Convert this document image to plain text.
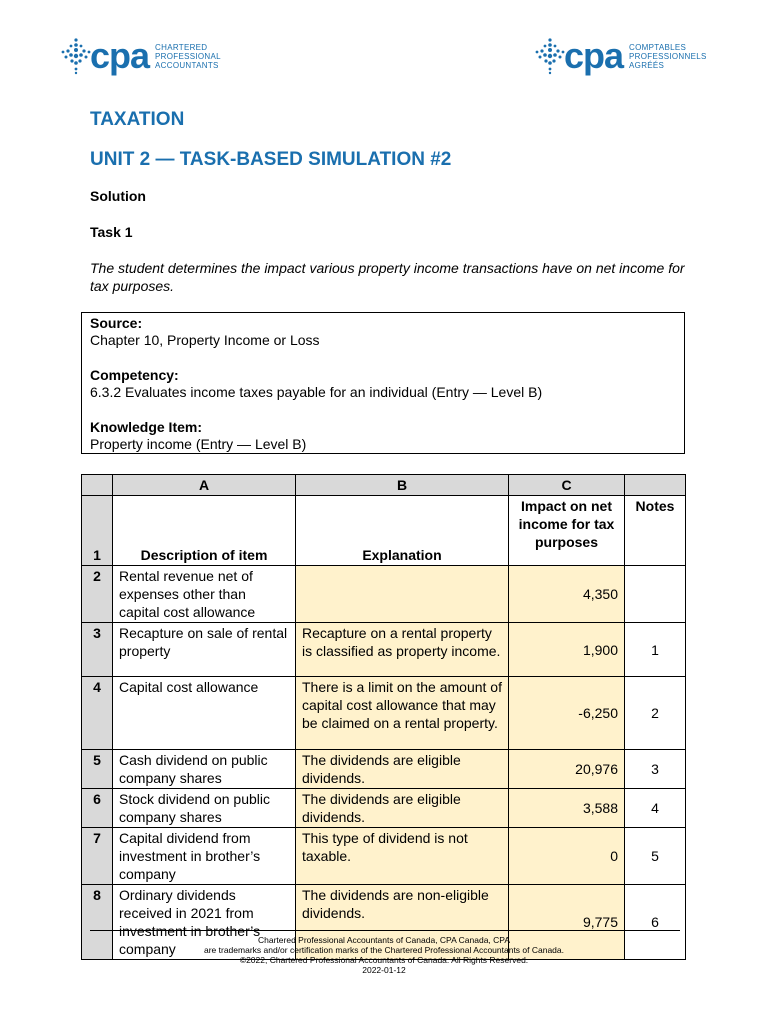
cpa CHARTERED
PROFESSIONAL
ACCOUNTANTS	cpa COMPTABLES
PROFESSIONNELS
AGRÉÉS
TAXATION
UNIT 2 — TASK-BASED SIMULATION #2
Solution
Task 1
The student determines the impact various property income transactions have on net income for tax purposes.
Source:
Chapter 10, Property Income or Loss
Competency:
6.3.2 Evaluates income taxes payable for an individual (Entry — Level B)
Knowledge Item:
Property income (Entry — Level B)
	A	B	C	
1	Description of item	Explanation	Impact on net income for tax purposes	Notes
2	Rental revenue net of expenses other than capital cost allowance		4,350	
3	Recapture on sale of rental property	Recapture on a rental property is classified as property income.	1,900	1
4	Capital cost allowance	There is a limit on the amount of capital cost allowance that may be claimed on a rental property.	-6,250	2
5	Cash dividend on public company shares	The dividends are eligible dividends.	20,976	3
6	Stock dividend on public company shares	The dividends are eligible dividends.	3,588	4
7	Capital dividend from investment in brother’s company	This type of dividend is not taxable.	0	5
8	Ordinary dividends received in 2021 from investment in brother’s company	The dividends are non-eligible dividends.	9,775	6
Chartered Professional Accountants of Canada, CPA Canada, CPA
are trademarks and/or certification marks of the Chartered Professional Accountants of Canada.
©2022, Chartered Professional Accountants of Canada. All Rights Reserved.
2022-01-12
